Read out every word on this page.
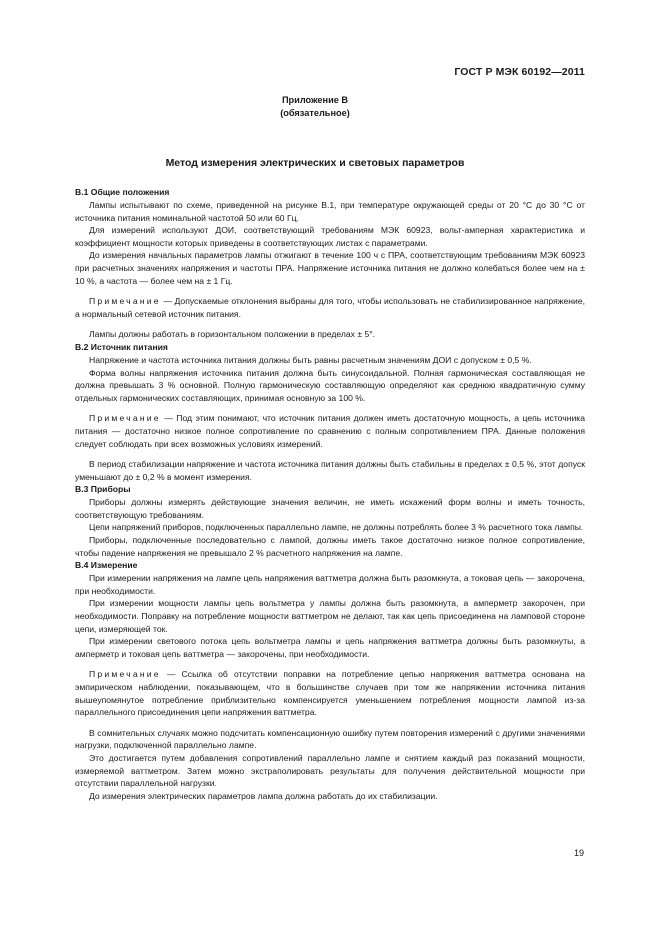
ГОСТ Р МЭК 60192—2011
Приложение В
(обязательное)
Метод измерения электрических и световых параметров
В.1 Общие положения

Лампы испытывают по схеме, приведенной на рисунке В.1, при температуре окружающей среды от 20 °С до 30 °С от источника питания номинальной частотой 50 или 60 Гц.

Для измерений используют ДОИ, соответствующий требованиям МЭК 60923, вольт-амперная характеристика и коэффициент мощности которых приведены в соответствующих листах с параметрами.

До измерения начальных параметров лампы отжигают в течение 100 ч с ПРА, соответствующим требованиям МЭК 60923 при расчетных значениях напряжения и частоты ПРА. Напряжение источника питания не должно колебаться более чем на ± 10 %, а частота — более чем на ± 1 Гц.

Примечание — Допускаемые отклонения выбраны для того, чтобы использовать не стабилизированное напряжение, а нормальный сетевой источник питания.

Лампы должны работать в горизонтальном положении в пределах ± 5°.

В.2 Источник питания

Напряжение и частота источника питания должны быть равны расчетным значениям ДОИ с допуском ± 0,5 %.

Форма волны напряжения источника питания должна быть синусоидальной. Полная гармоническая составляющая не должна превышать 3 % основной. Полную гармоническую составляющую определяют как среднюю квадратичную сумму отдельных гармонических составляющих, принимая основную за 100 %.

Примечание — Под этим понимают, что источник питания должен иметь достаточную мощность, а цепь источника питания — достаточно низкое полное сопротивление по сравнению с полным сопротивлением ПРА. Данные положения следует соблюдать при всех возможных условиях измерений.

В период стабилизации напряжение и частота источника питания должны быть стабильны в пределах ± 0,5 %, этот допуск уменьшают до ± 0,2 % в момент измерения.

В.3 Приборы

Приборы должны измерять действующие значения величин, не иметь искажений форм волны и иметь точность, соответствующую требованиям.

Цепи напряжений приборов, подключенных параллельно лампе, не должны потреблять более 3 % расчетного тока лампы.

Приборы, подключенные последовательно с лампой, должны иметь такое достаточно низкое полное сопротивление, чтобы падение напряжения не превышало 2 % расчетного напряжения на лампе.

В.4 Измерение

При измерении напряжения на лампе цепь напряжения ваттметра должна быть разомкнута, а токовая цепь — закорочена, при необходимости.

При измерении мощности лампы цепь вольтметра у лампы должна быть разомкнута, а амперметр закорочен, при необходимости. Поправку на потребление мощности ваттметром не делают, так как цепь присоединена на ламповой стороне цепи, измеряющей ток.

При измерении светового потока цепь вольтметра лампы и цепь напряжения ваттметра должны быть разомкнуты, а амперметр и токовая цепь ваттметра — закорочены, при необходимости.

Примечание — Ссылка об отсутствии поправки на потребление цепью напряжения ваттметра основана на эмпирическом наблюдении, показывающем, что в большинстве случаев при том же напряжении источника питания вышеупомянутое потребление приблизительно компенсируется уменьшением потребления мощности лампой из-за параллельного присоединения цепи напряжения ваттметра.

В сомнительных случаях можно подсчитать компенсационную ошибку путем повторения измерений с другими значениями нагрузки, подключенной параллельно лампе.

Это достигается путем добавления сопротивлений параллельно лампе и снятием каждый раз показаний мощности, измеряемой ваттметром. Затем можно экстраполировать результаты для получения действительной мощности при отсутствии параллельной нагрузки.

До измерения электрических параметров лампа должна работать до их стабилизации.

19
